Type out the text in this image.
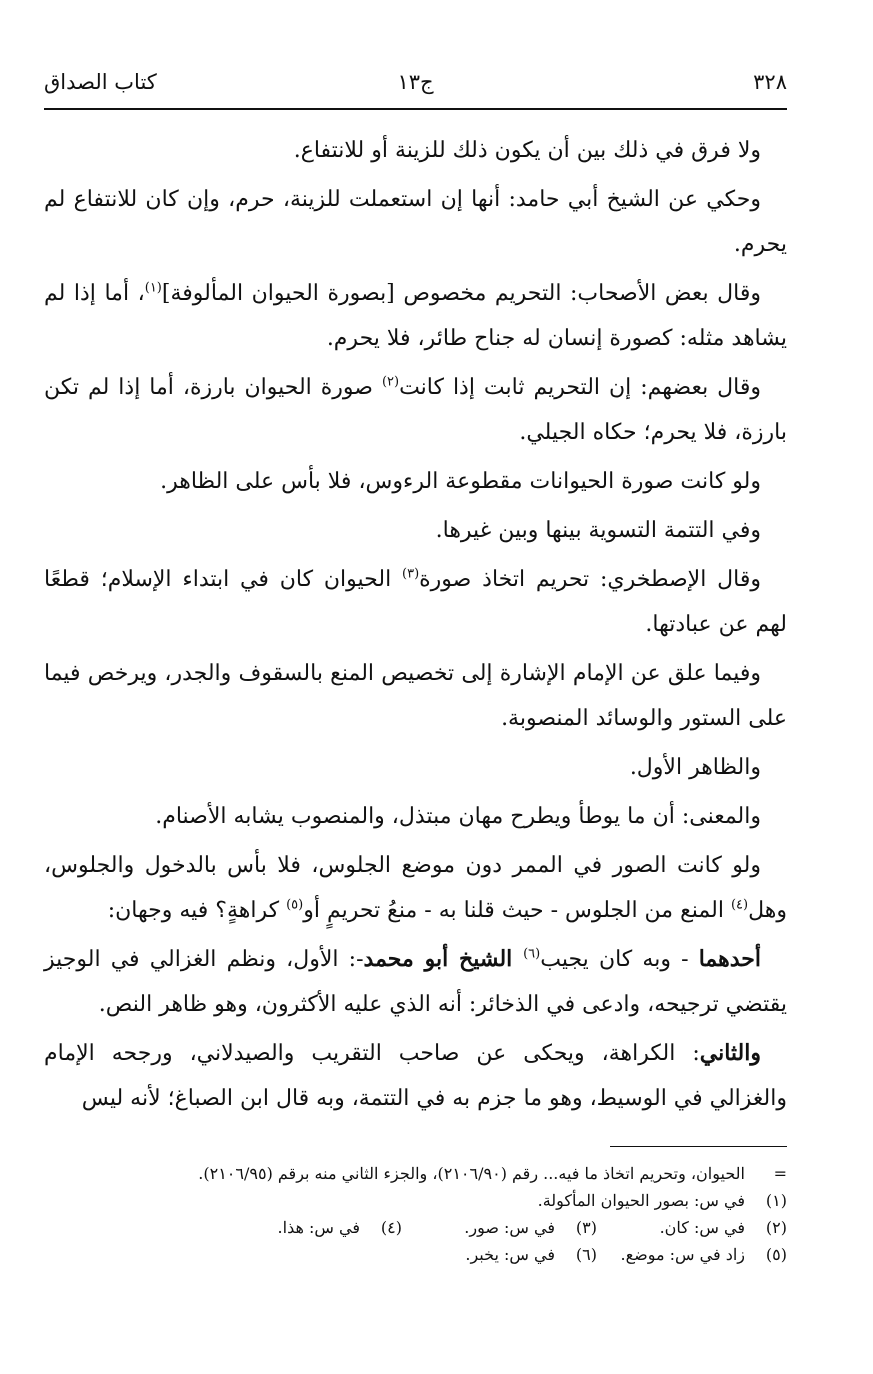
٣٢٨
ج١٣
كتاب الصداق

ولا فرق في ذلك بين أن يكون ذلك للزينة أو للانتفاع.

وحكي عن الشيخ أبي حامد: أنها إن استعملت للزينة، حرم، وإن كان للانتفاع لم يحرم.

وقال بعض الأصحاب: التحريم مخصوص [بصورة الحيوان المألوفة]$^{(١)}$، أما إذا لم يشاهد مثله: كصورة إنسان له جناح طائر، فلا يحرم.

وقال بعضهم: إن التحريم ثابت إذا كانت$^{(٢)}$ صورة الحيوان بارزة، أما إذا لم تكن بارزة، فلا يحرم؛ حكاه الجيلي.

ولو كانت صورة الحيوانات مقطوعة الرءوس، فلا بأس على الظاهر.

وفي التتمة التسوية بينها وبين غيرها.

وقال الإصطخري: تحريم اتخاذ صورة$^{(٣)}$ الحيوان كان في ابتداء الإسلام؛ قطعًا لهم عن عبادتها.

وفيما علق عن الإمام الإشارة إلى تخصيص المنع بالسقوف والجدر، ويرخص فيما على الستور والوسائد المنصوبة.

والظاهر الأول.

والمعنى: أن ما يوطأ ويطرح مهان مبتذل، والمنصوب يشابه الأصنام.

ولو كانت الصور في الممر دون موضع الجلوس، فلا بأس بالدخول والجلوس، وهل$^{(٤)}$ المنع من الجلوس - حيث قلنا به - منعُ تحريمٍ أو$^{(٥)}$ كراهةٍ؟ فيه وجهان:

أحدهما - وبه كان يجيب$^{(٦)}$ الشيخ أبو محمد-: الأول، ونظم الغزالي في الوجيز يقتضي ترجيحه، وادعى في الذخائر: أنه الذي عليه الأكثرون، وهو ظاهر النص.

والثاني: الكراهة، ويحكى عن صاحب التقريب والصيدلاني، ورجحه الإمام والغزالي في الوسيط، وهو ما جزم به في التتمة، وبه قال ابن الصباغ؛ لأنه ليس

=الحيوان، وتحريم اتخاذ ما فيه... رقم (٢١٠٦/٩٠)، والجزء الثاني منه برقم (٢١٠٦/٩٥).
(١)في س: بصور الحيوان المأكولة.
(٢)في س: كان.
(٣)في س: صور.
(٤)في س: هذا.
(٥)زاد في س: موضع.
(٦)في س: يخبر.
